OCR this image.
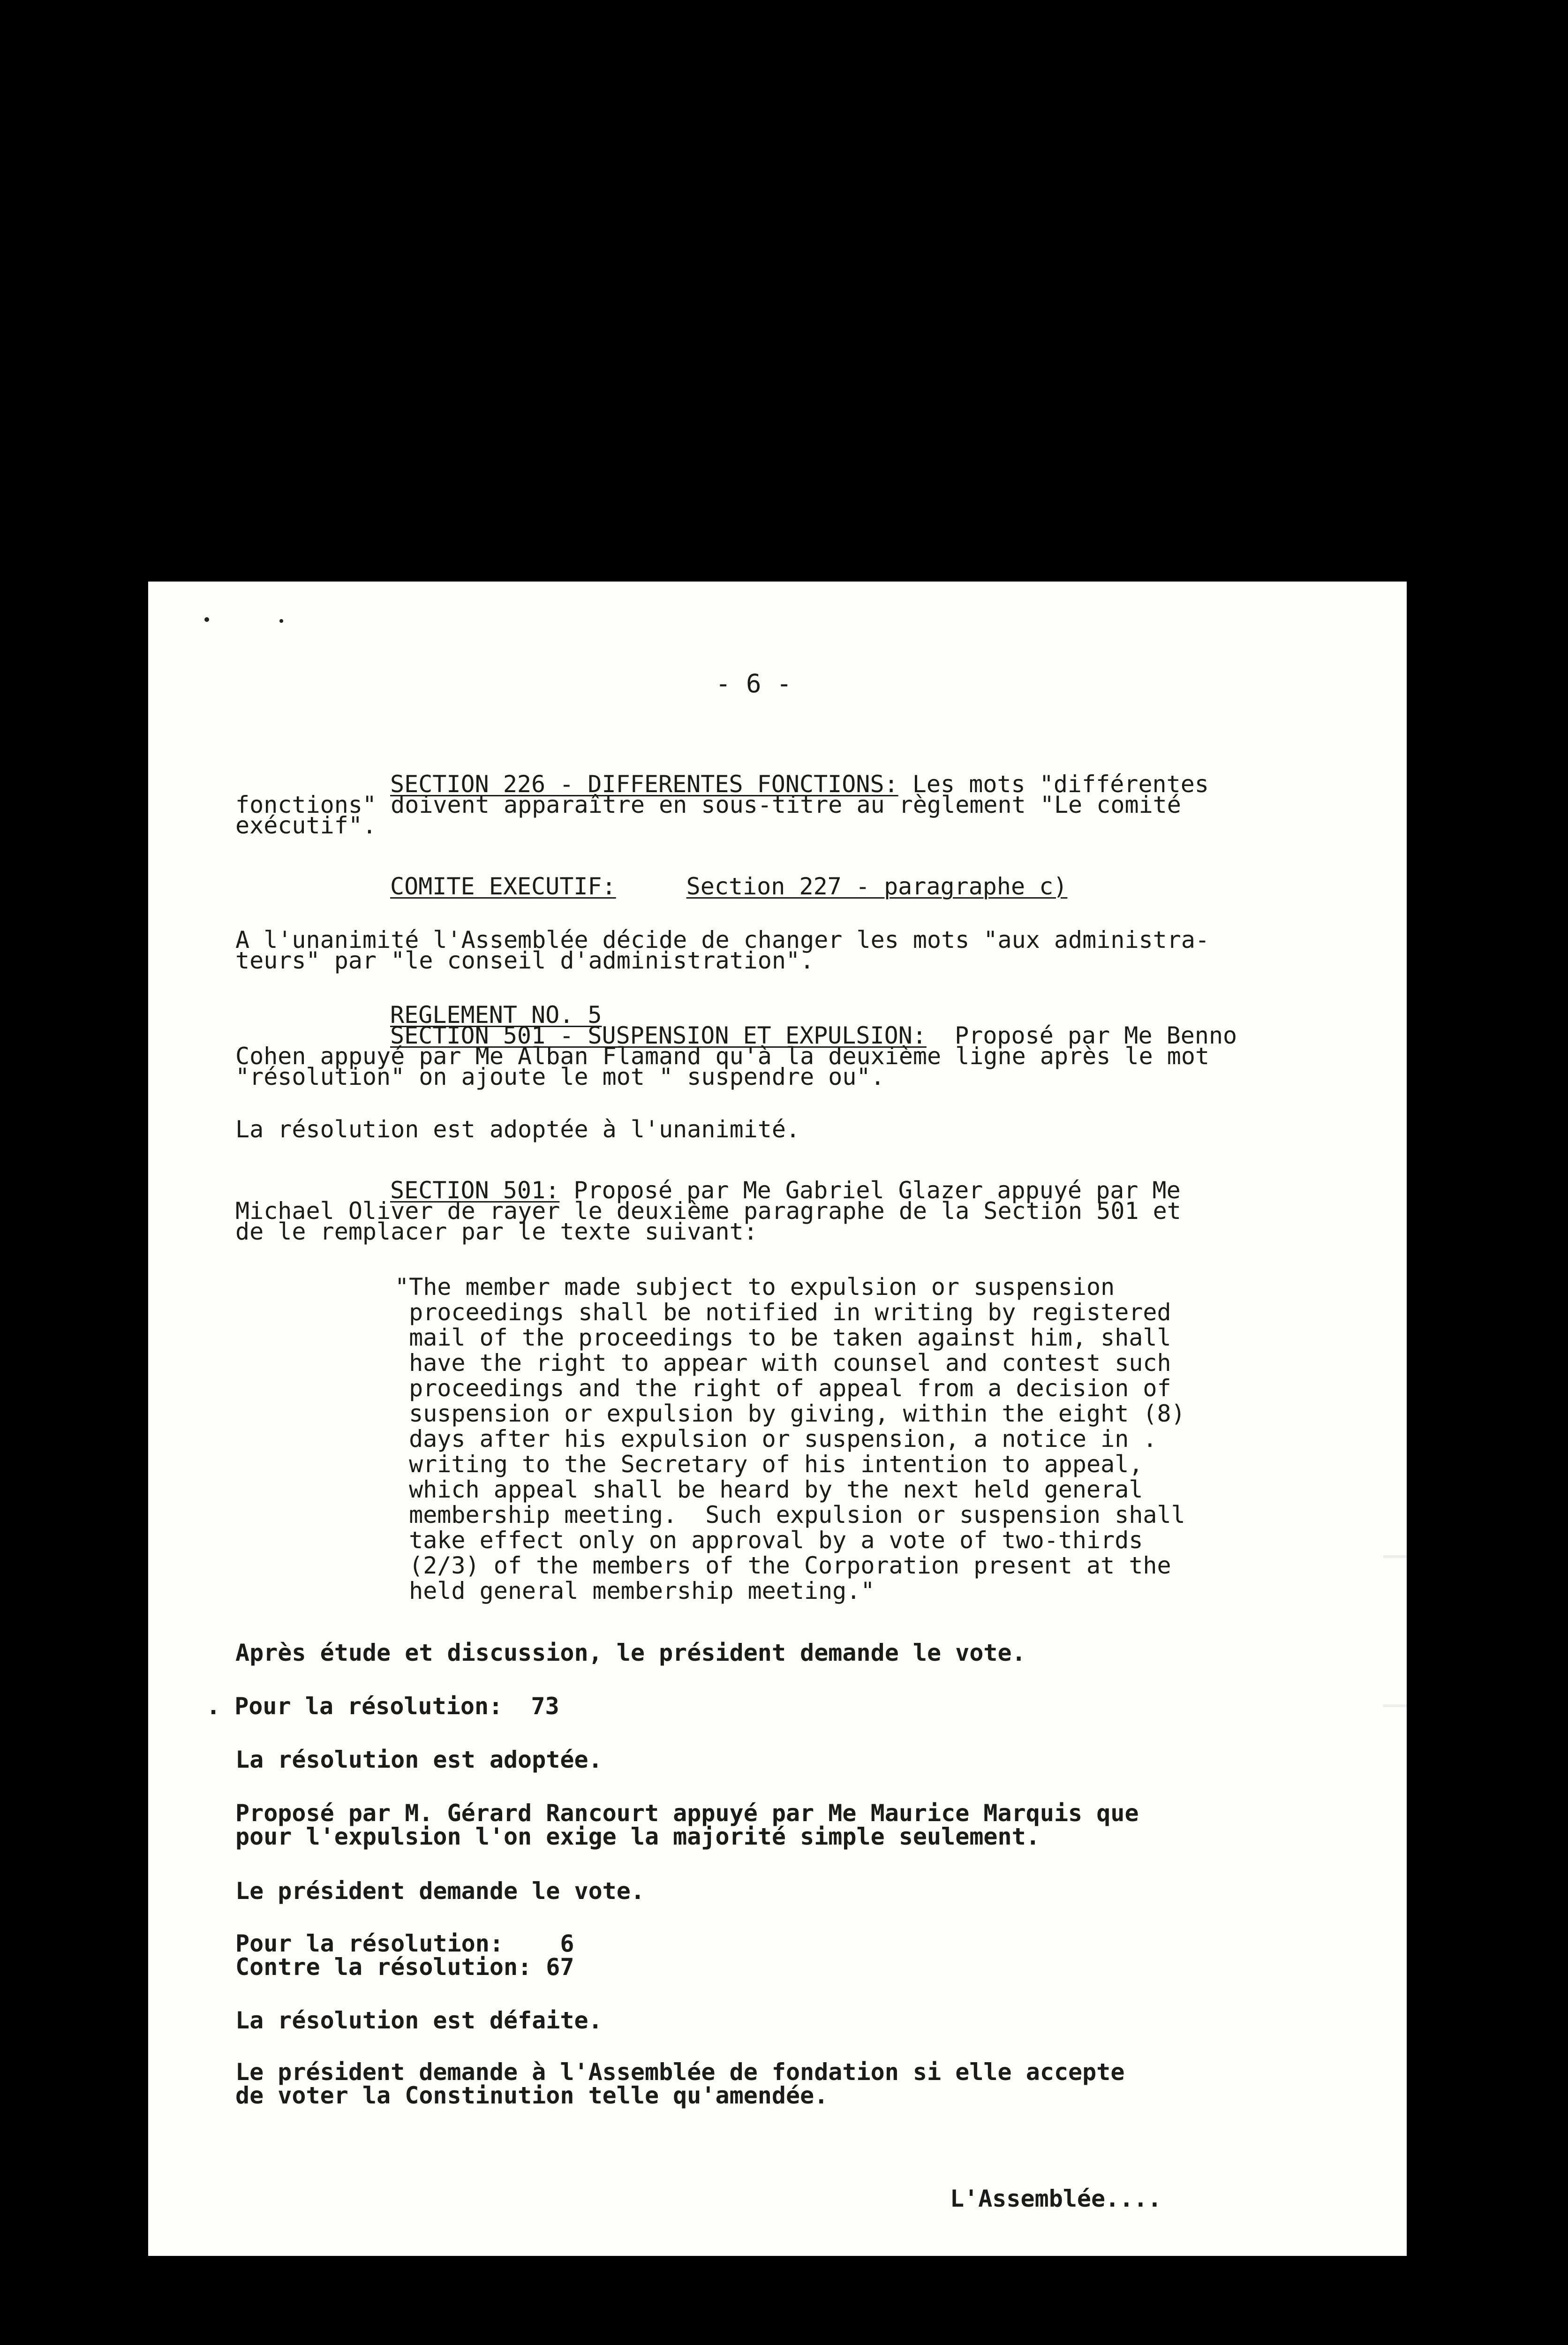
- 6 -
SECTION 226 - DIFFERENTES FONCTIONS: Les mots "différentes
fonctions" doivent apparaître en sous-titre au règlement "Le comité
exécutif".
COMITE EXECUTIF:	Section 227 - paragraphe c)
A l'unanimité l'Assemblée décide de changer les mots "aux administra-
teurs" par "le conseil d'administration".
REGLEMENT NO. 5
SECTION 501 - SUSPENSION ET EXPULSION:  Proposé par Me Benno
Cohen appuyé par Me Alban Flamand qu'à la deuxième ligne après le mot
"résolution" on ajoute le mot " suspendre ou".
La résolution est adoptée à l'unanimité.
SECTION 501: Proposé par Me Gabriel Glazer appuyé par Me
Michael Oliver de rayer le deuxième paragraphe de la Section 501 et
de le remplacer par le texte suivant:
"The member made subject to expulsion or suspension
proceedings shall be notified in writing by registered
mail of the proceedings to be taken against him, shall
have the right to appear with counsel and contest such
proceedings and the right of appeal from a decision of
suspension or expulsion by giving, within the eight (8)
days after his expulsion or suspension, a notice in .
writing to the Secretary of his intention to appeal,
which appeal shall be heard by the next held general
membership meeting.  Such expulsion or suspension shall
take effect only on approval by a vote of two-thirds
(2/3) of the members of the Corporation present at the
held general membership meeting."
Après étude et discussion, le président demande le vote.
. Pour la résolution:  73
La résolution est adoptée.
Proposé par M. Gérard Rancourt appuyé par Me Maurice Marquis que
pour l'expulsion l'on exige la majorité simple seulement.
Le président demande le vote.
Pour la résolution:    6
Contre la résolution: 67
La résolution est défaite.
Le président demande à l'Assemblée de fondation si elle accepte
de voter la Constinution telle qu'amendée.
L'Assemblée....
